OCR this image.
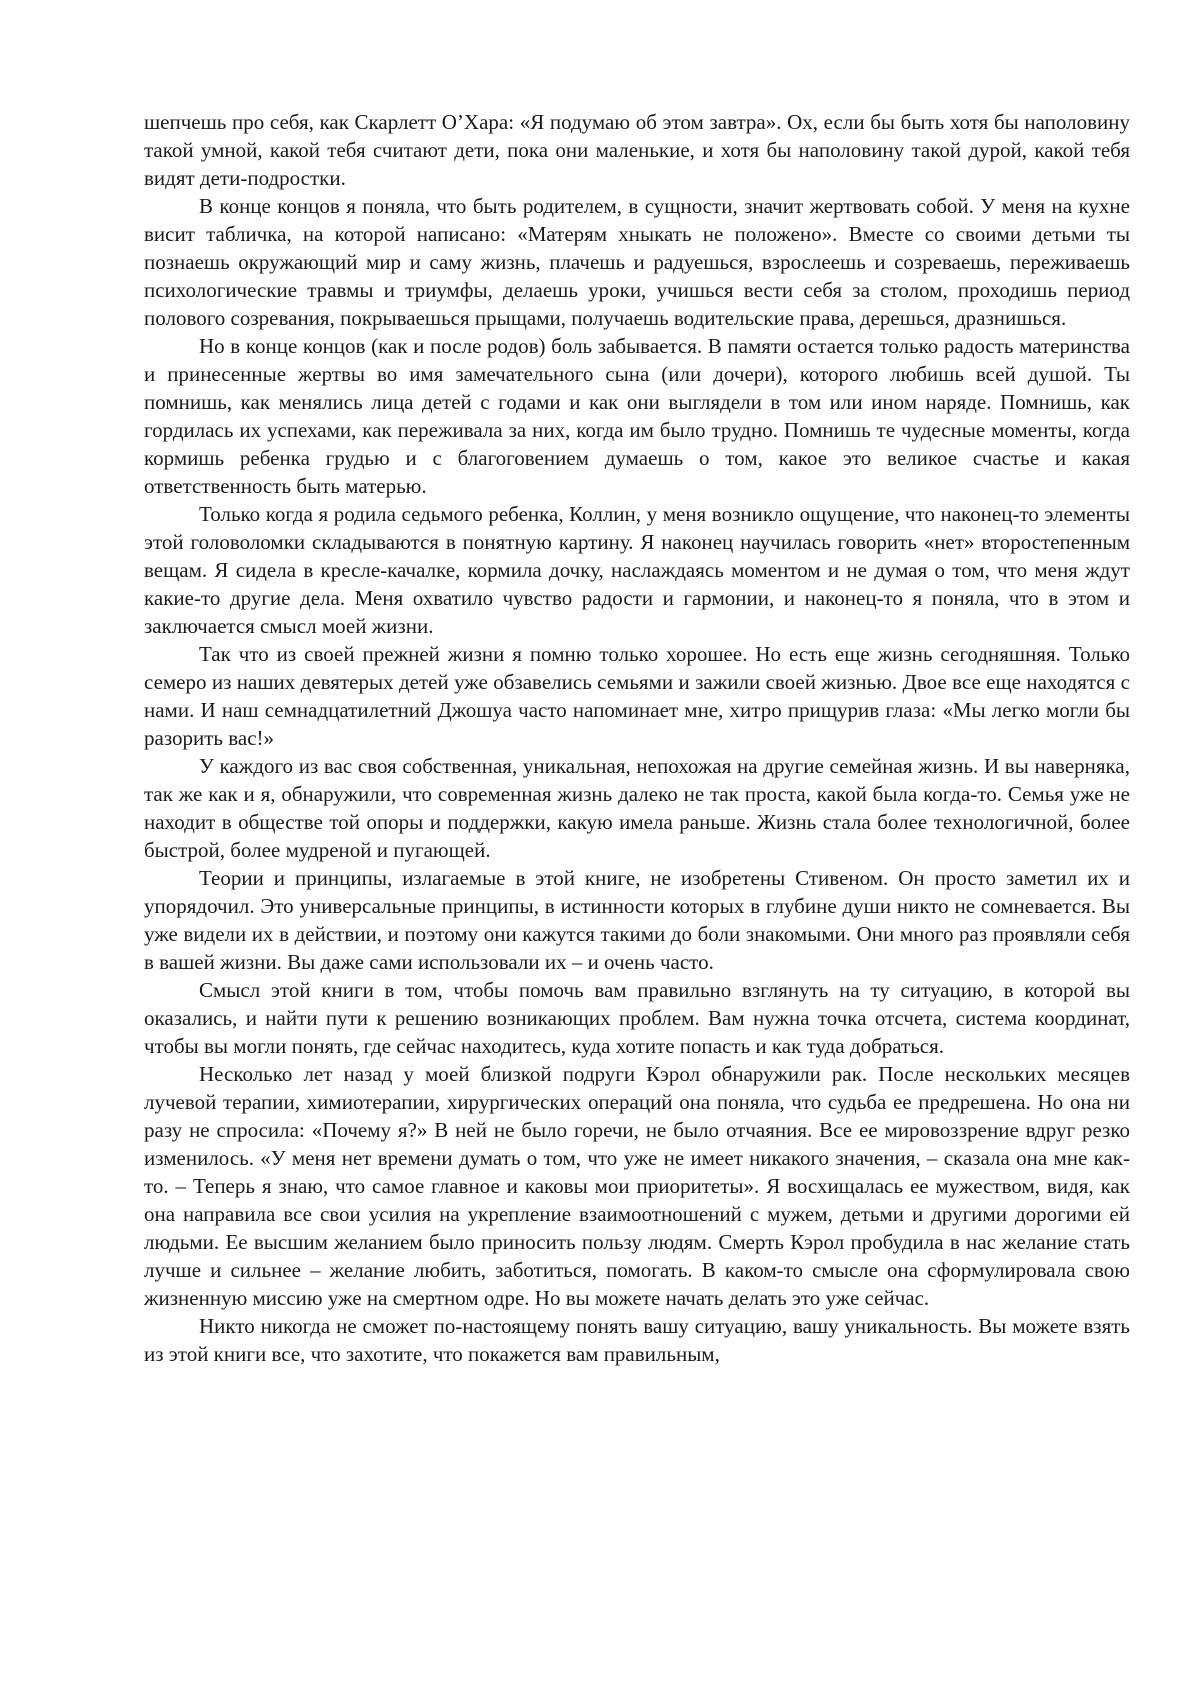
шепчешь про себя, как Скарлетт О’Хара: «Я подумаю об этом завтра». Ох, если бы быть хотя бы наполовину такой умной, какой тебя считают дети, пока они маленькие, и хотя бы наполовину такой дурой, какой тебя видят дети-подростки.

В конце концов я поняла, что быть родителем, в сущности, значит жертвовать собой. У меня на кухне висит табличка, на которой написано: «Матерям хныкать не положено». Вместе со своими детьми ты познаешь окружающий мир и саму жизнь, плачешь и радуешься, взрослеешь и созреваешь, переживаешь психологические травмы и триумфы, делаешь уроки, учишься вести себя за столом, проходишь период полового созревания, покрываешься прыщами, получаешь водительские права, дерешься, дразнишься.

Но в конце концов (как и после родов) боль забывается. В памяти остается только радость материнства и принесенные жертвы во имя замечательного сына (или дочери), которого любишь всей душой. Ты помнишь, как менялись лица детей с годами и как они выглядели в том или ином наряде. Помнишь, как гордилась их успехами, как переживала за них, когда им было трудно. Помнишь те чудесные моменты, когда кормишь ребенка грудью и с благоговением думаешь о том, какое это великое счастье и какая ответственность быть матерью.

Только когда я родила седьмого ребенка, Коллин, у меня возникло ощущение, что наконец-то элементы этой головоломки складываются в понятную картину. Я наконец научилась говорить «нет» второстепенным вещам. Я сидела в кресле-качалке, кормила дочку, наслаждаясь моментом и не думая о том, что меня ждут какие-то другие дела. Меня охватило чувство радости и гармонии, и наконец-то я поняла, что в этом и заключается смысл моей жизни.

Так что из своей прежней жизни я помню только хорошее. Но есть еще жизнь сегодняшняя. Только семеро из наших девятерых детей уже обзавелись семьями и зажили своей жизнью. Двое все еще находятся с нами. И наш семнадцатилетний Джошуа часто напоминает мне, хитро прищурив глаза: «Мы легко могли бы разорить вас!»

У каждого из вас своя собственная, уникальная, непохожая на другие семейная жизнь. И вы наверняка, так же как и я, обнаружили, что современная жизнь далеко не так проста, какой была когда-то. Семья уже не находит в обществе той опоры и поддержки, какую имела раньше. Жизнь стала более технологичной, более быстрой, более мудреной и пугающей.

Теории и принципы, излагаемые в этой книге, не изобретены Стивеном. Он просто заметил их и упорядочил. Это универсальные принципы, в истинности которых в глубине души никто не сомневается. Вы уже видели их в действии, и поэтому они кажутся такими до боли знакомыми. Они много раз проявляли себя в вашей жизни. Вы даже сами использовали их – и очень часто.

Смысл этой книги в том, чтобы помочь вам правильно взглянуть на ту ситуацию, в которой вы оказались, и найти пути к решению возникающих проблем. Вам нужна точка отсчета, система координат, чтобы вы могли понять, где сейчас находитесь, куда хотите попасть и как туда добраться.

Несколько лет назад у моей близкой подруги Кэрол обнаружили рак. После нескольких месяцев лучевой терапии, химиотерапии, хирургических операций она поняла, что судьба ее предрешена. Но она ни разу не спросила: «Почему я?» В ней не было горечи, не было отчаяния. Все ее мировоззрение вдруг резко изменилось. «У меня нет времени думать о том, что уже не имеет никакого значения, – сказала она мне как-то. – Теперь я знаю, что самое главное и каковы мои приоритеты». Я восхищалась ее мужеством, видя, как она направила все свои усилия на укрепление взаимоотношений с мужем, детьми и другими дорогими ей людьми. Ее высшим желанием было приносить пользу людям. Смерть Кэрол пробудила в нас желание стать лучше и сильнее – желание любить, заботиться, помогать. В каком-то смысле она сформулировала свою жизненную миссию уже на смертном одре. Но вы можете начать делать это уже сейчас.

Никто никогда не сможет по-настоящему понять вашу ситуацию, вашу уникальность. Вы можете взять из этой книги все, что захотите, что покажется вам правильным,
